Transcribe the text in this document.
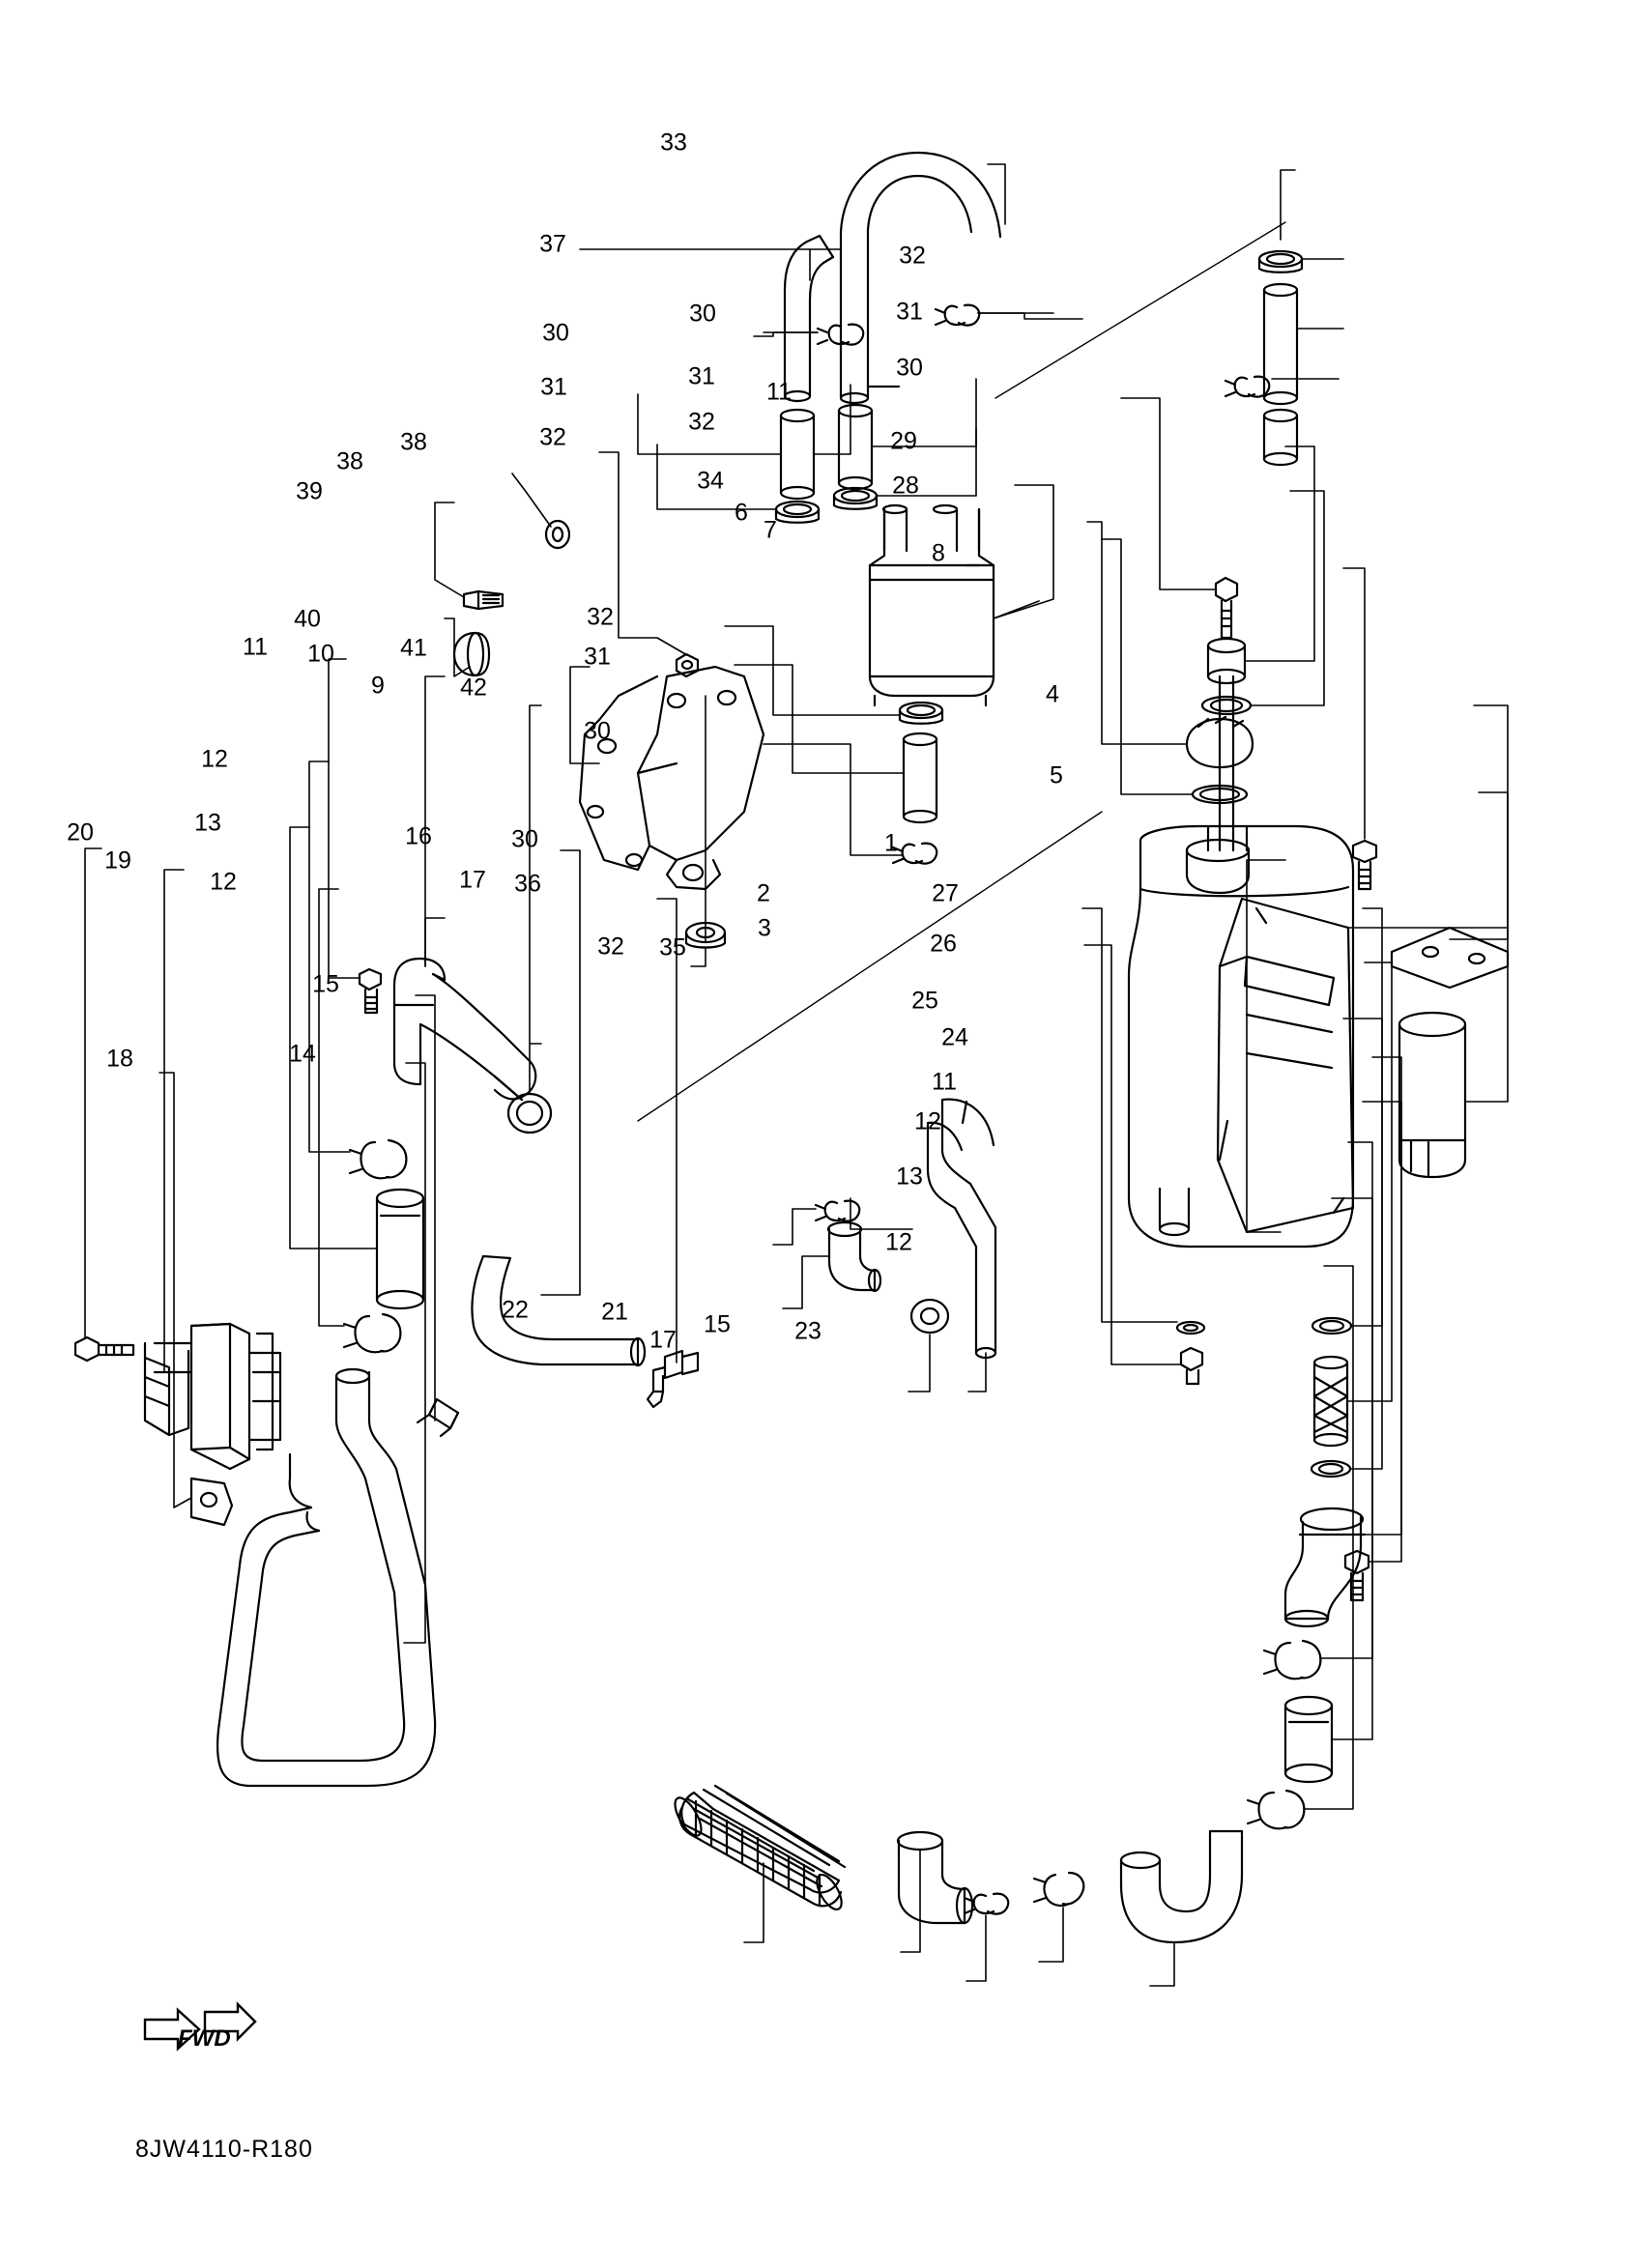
FWD
8JW4110-R180
33
37	32
31
30
30
30
31
31	11
32
29
38	32
28
38
34
39
6
7
8
40
41
32
11	31
10
4
42
9
30
5
12
13
30	1
16
20
19
36
12	17	2	27
3
32 35
15
25
26
18
24
14
11
12
13
12
22	21
17
15	23
